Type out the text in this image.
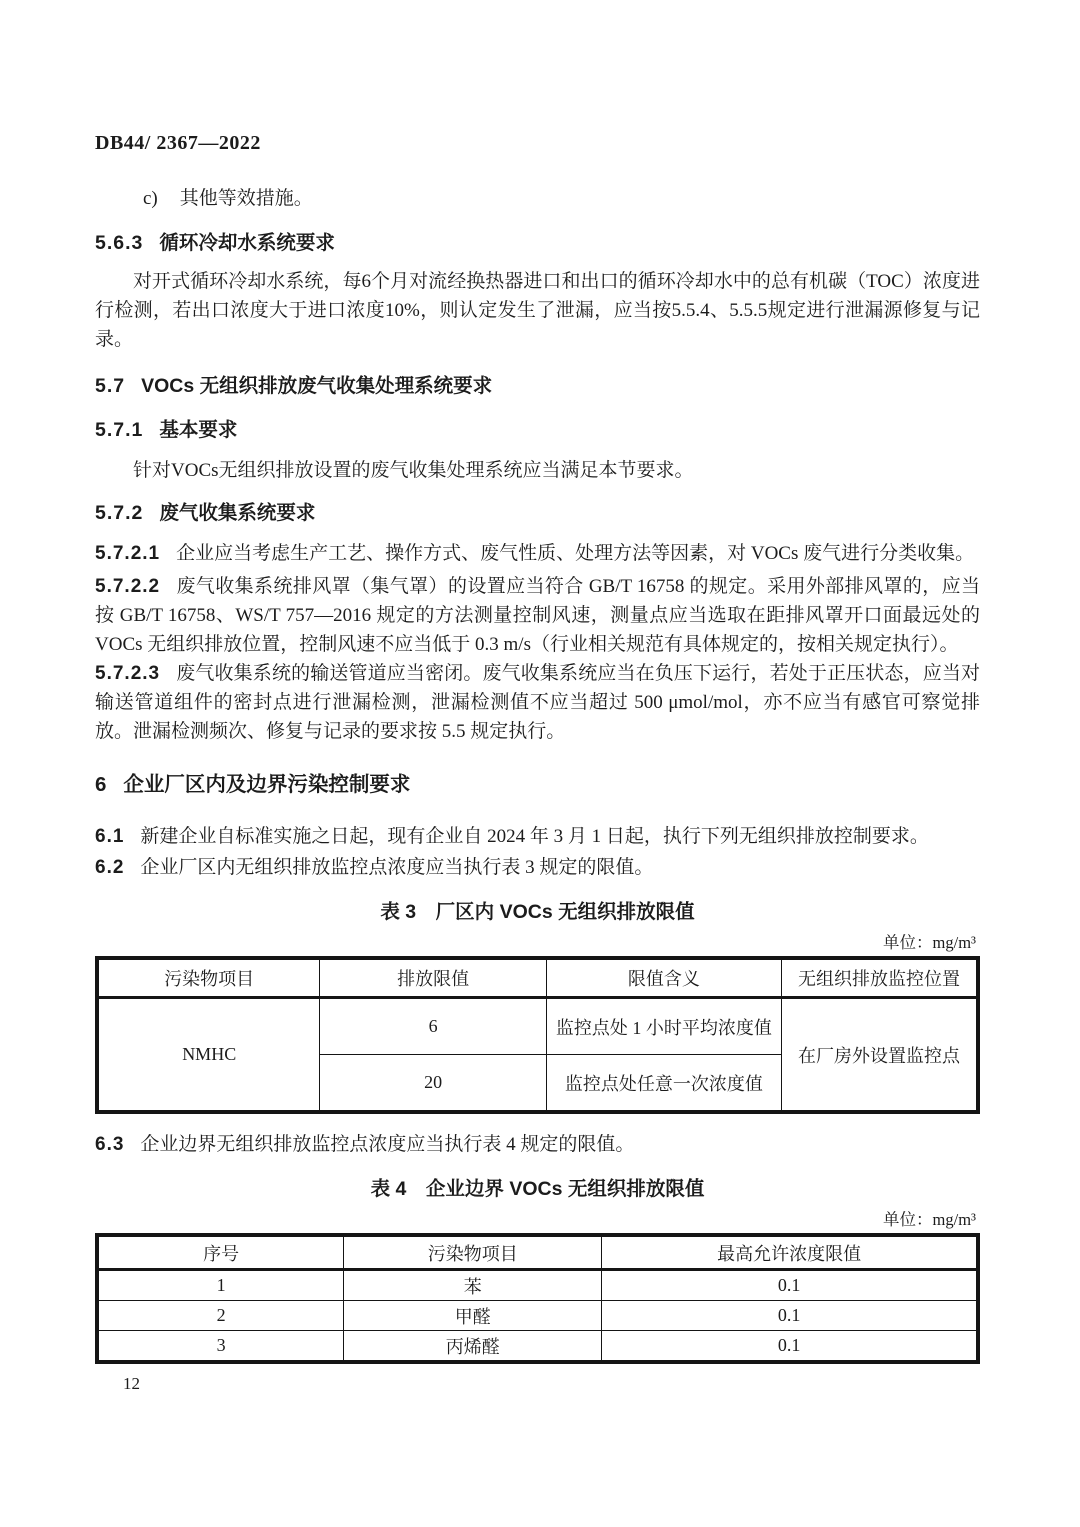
DB44/ 2367—2022
c) 其他等效措施。
5.6.3 循环冷却水系统要求
对开式循环冷却水系统，每6个月对流经换热器进口和出口的循环冷却水中的总有机碳（TOC）浓度进行检测，若出口浓度大于进口浓度10%，则认定发生了泄漏，应当按5.5.4、5.5.5规定进行泄漏源修复与记录。
5.7 VOCs 无组织排放废气收集处理系统要求
5.7.1 基本要求
针对VOCs无组织排放设置的废气收集处理系统应当满足本节要求。
5.7.2 废气收集系统要求
5.7.2.1 企业应当考虑生产工艺、操作方式、废气性质、处理方法等因素，对 VOCs 废气进行分类收集。
5.7.2.2 废气收集系统排风罩（集气罩）的设置应当符合 GB/T 16758 的规定。采用外部排风罩的，应当按 GB/T 16758、WS/T 757—2016 规定的方法测量控制风速，测量点应当选取在距排风罩开口面最远处的 VOCs 无组织排放位置，控制风速不应当低于 0.3 m/s（行业相关规范有具体规定的，按相关规定执行）。
5.7.2.3 废气收集系统的输送管道应当密闭。废气收集系统应当在负压下运行，若处于正压状态，应当对输送管道组件的密封点进行泄漏检测，泄漏检测值不应当超过 500 μmol/mol，亦不应当有感官可察觉排放。泄漏检测频次、修复与记录的要求按 5.5 规定执行。
6 企业厂区内及边界污染控制要求
6.1 新建企业自标准实施之日起，现有企业自 2024 年 3 月 1 日起，执行下列无组织排放控制要求。
6.2 企业厂区内无组织排放监控点浓度应当执行表 3 规定的限值。
表 3　厂区内 VOCs 无组织排放限值
单位：mg/m³
污染物项目	排放限值	限值含义	无组织排放监控位置
NMHC	6	监控点处 1 小时平均浓度值	在厂房外设置监控点
	20	监控点处任意一次浓度值	
6.3 企业边界无组织排放监控点浓度应当执行表 4 规定的限值。
表 4　企业边界 VOCs 无组织排放限值
单位：mg/m³
序号	污染物项目	最高允许浓度限值
1	苯	0.1
2	甲醛	0.1
3	丙烯醛	0.1
12
